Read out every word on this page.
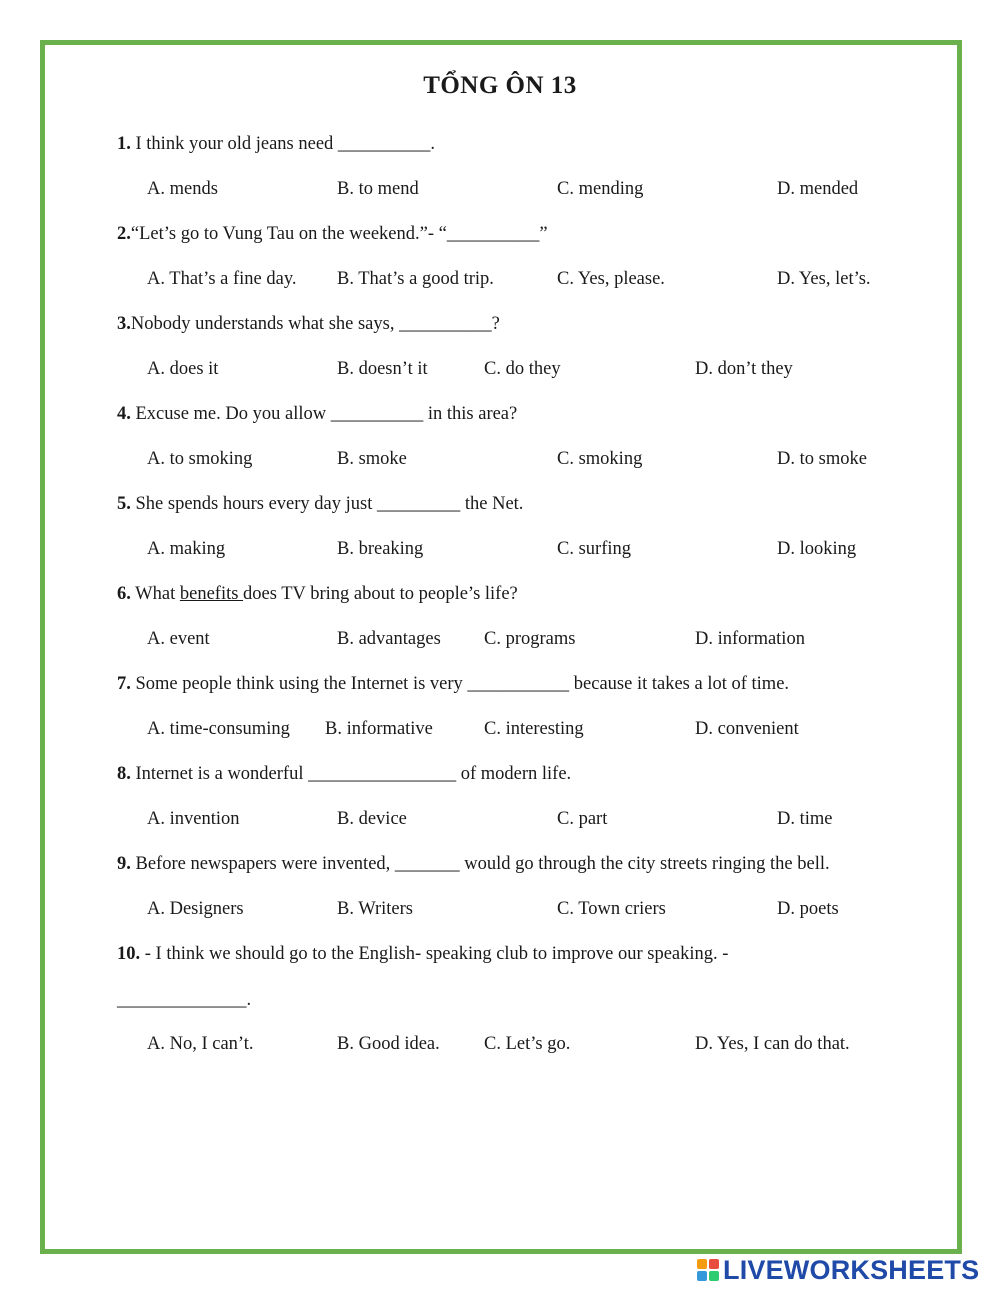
TỔNG ÔN 13
1. I think your old jeans need __________.
A. mends	B. to mend	C. mending	D. mended
2.“Let’s go to Vung Tau on the weekend.”- “__________”
A. That’s a fine day. B. That’s a good trip.	C. Yes, please.	D. Yes, let’s.
3.Nobody understands what she says, __________?
A. does it	B. doesn’t it	C. do they	D. don’t they
4. Excuse me. Do you allow __________ in this area?
A. to smoking	B. smoke	C. smoking	D. to smoke
5. She spends hours every day just _________ the Net.
A. making	B. breaking	C. surfing	D. looking
6. What benefits does TV bring about to people’s life?
A. event	B. advantages C. programs	D. information
7. Some people think using the Internet is very ___________ because it takes a lot of time.
A. time-consuming B. informative	C. interesting	D. convenient
8. Internet is a wonderful ________________ of modern life.
A. invention	B. device	C. part	D. time
9. Before newspapers were invented, _______ would go through the city streets ringing the bell.
A. Designers	B. Writers	C. Town criers	D. poets
10. - I think we should go to the English- speaking club to improve our speaking. -
______________.
A. No, I can’t.	B. Good idea. C. Let’s go.	D. Yes, I can do that.
LIVEWORKSHEETS
